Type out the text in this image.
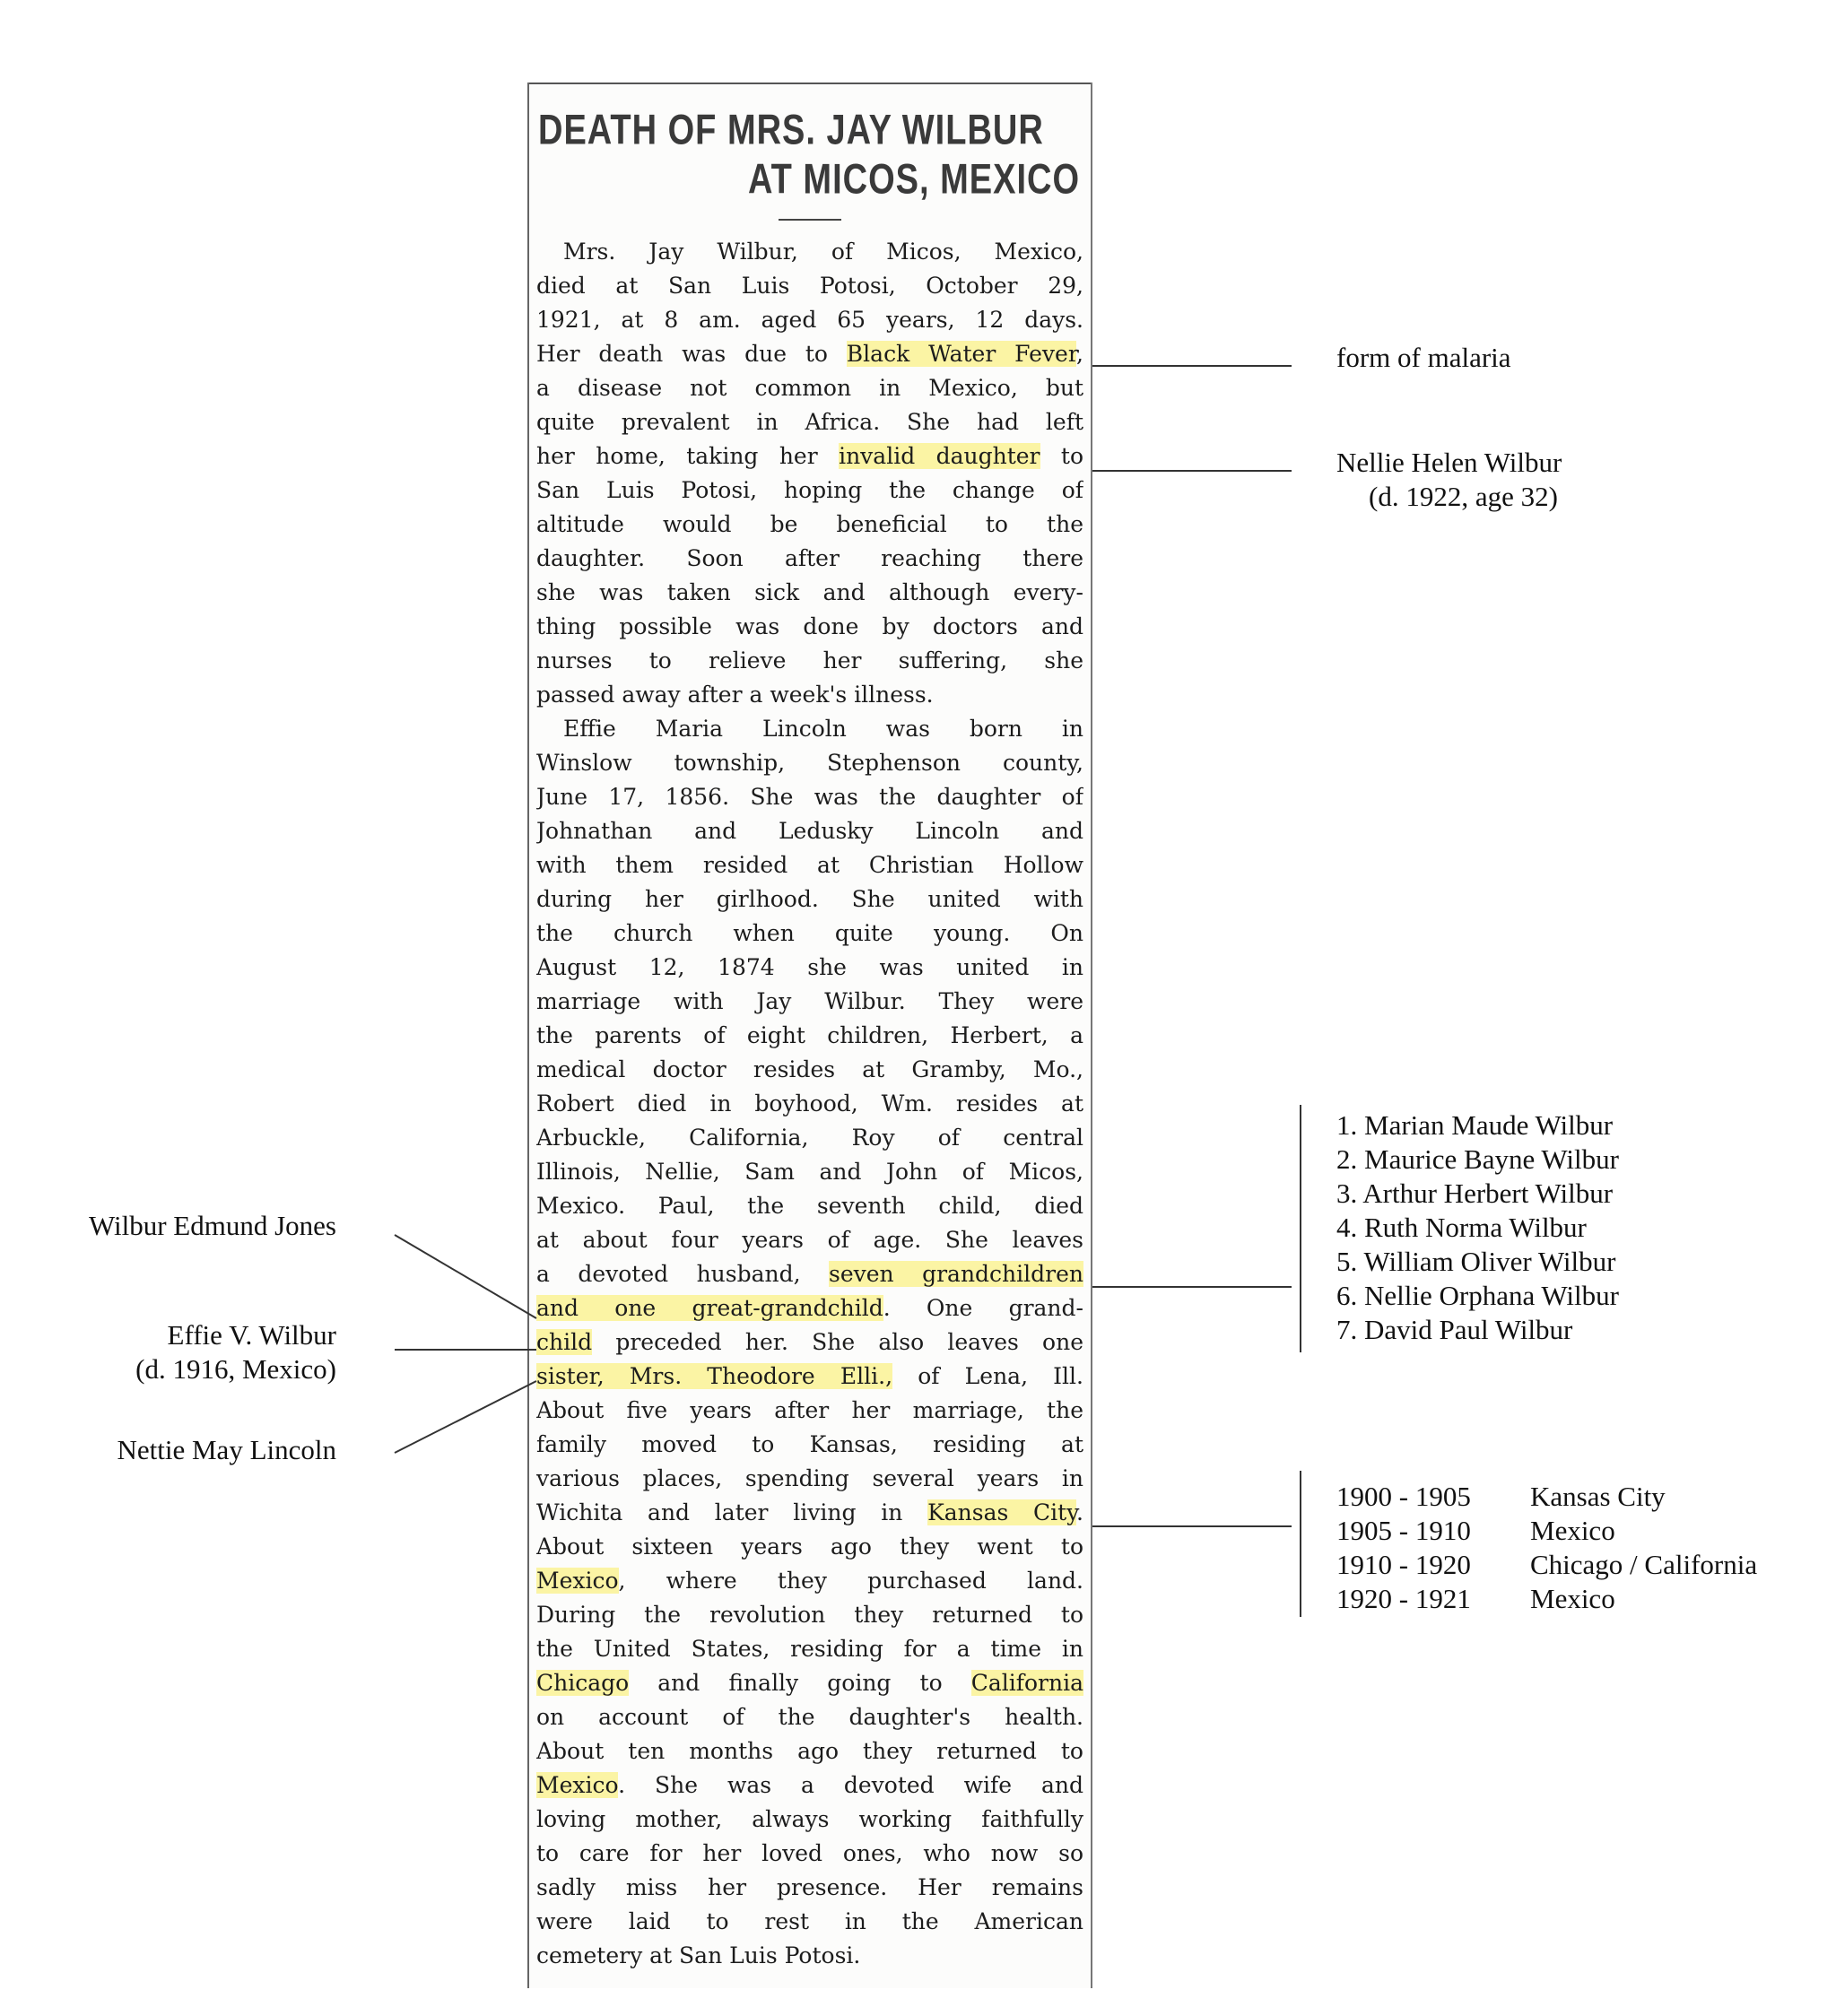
DEATH OF MRS. JAY WILBUR
AT MICOS, MEXICO
Mrs. Jay Wilbur, of Micos, Mexico,
died at San Luis Potosi, October 29,
1921, at 8 am. aged 65 years, 12 days.
Her death was due to Black Water Fever,
a disease not common in Mexico, but
quite prevalent in Africa. She had left
her home, taking her invalid daughter to
San Luis Potosi, hoping the change of
altitude would be beneficial to the
daughter. Soon after reaching there
she was taken sick and although every-
thing possible was done by doctors and
nurses to relieve her suffering, she
passed away after a week's illness.
Effie Maria Lincoln was born in
Winslow township, Stephenson county,
June 17, 1856. She was the daughter of
Johnathan and Ledusky Lincoln and
with them resided at Christian Hollow
during her girlhood. She united with
the church when quite young. On
August 12, 1874 she was united in
marriage with Jay Wilbur. They were
the parents of eight children, Herbert, a
medical doctor resides at Gramby, Mo.,
Robert died in boyhood, Wm. resides at
Arbuckle, California, Roy of central
Illinois, Nellie, Sam and John of Micos,
Mexico. Paul, the seventh child, died
at about four years of age. She leaves
a devoted husband, seven grandchildren
and one great-grandchild. One grand-
child preceded her. She also leaves one
sister, Mrs. Theodore Elli., of Lena, Ill.
About five years after her marriage, the
family moved to Kansas, residing at
various places, spending several years in
Wichita and later living in Kansas City.
About sixteen years ago they went to
Mexico, where they purchased land.
During the revolution they returned to
the United States, residing for a time in
Chicago and finally going to California
on account of the daughter's health.
About ten months ago they returned to
Mexico. She was a devoted wife and
loving mother, always working faithfully
to care for her loved ones, who now so
sadly miss her presence. Her remains
were laid to rest in the American
cemetery at San Luis Potosi.
form of malaria
Nellie Helen Wilbur
(d. 1922, age 32)
1. Marian Maude Wilbur
2. Maurice Bayne Wilbur
3. Arthur Herbert Wilbur
4. Ruth Norma Wilbur
5. William Oliver Wilbur
6. Nellie Orphana Wilbur
7. David Paul Wilbur
1900 - 1905 Kansas City
1905 - 1910 Mexico
1910 - 1920 Chicago / California
1920 - 1921 Mexico
Wilbur Edmund Jones
Effie V. Wilbur
(d. 1916, Mexico)
Nettie May Lincoln
